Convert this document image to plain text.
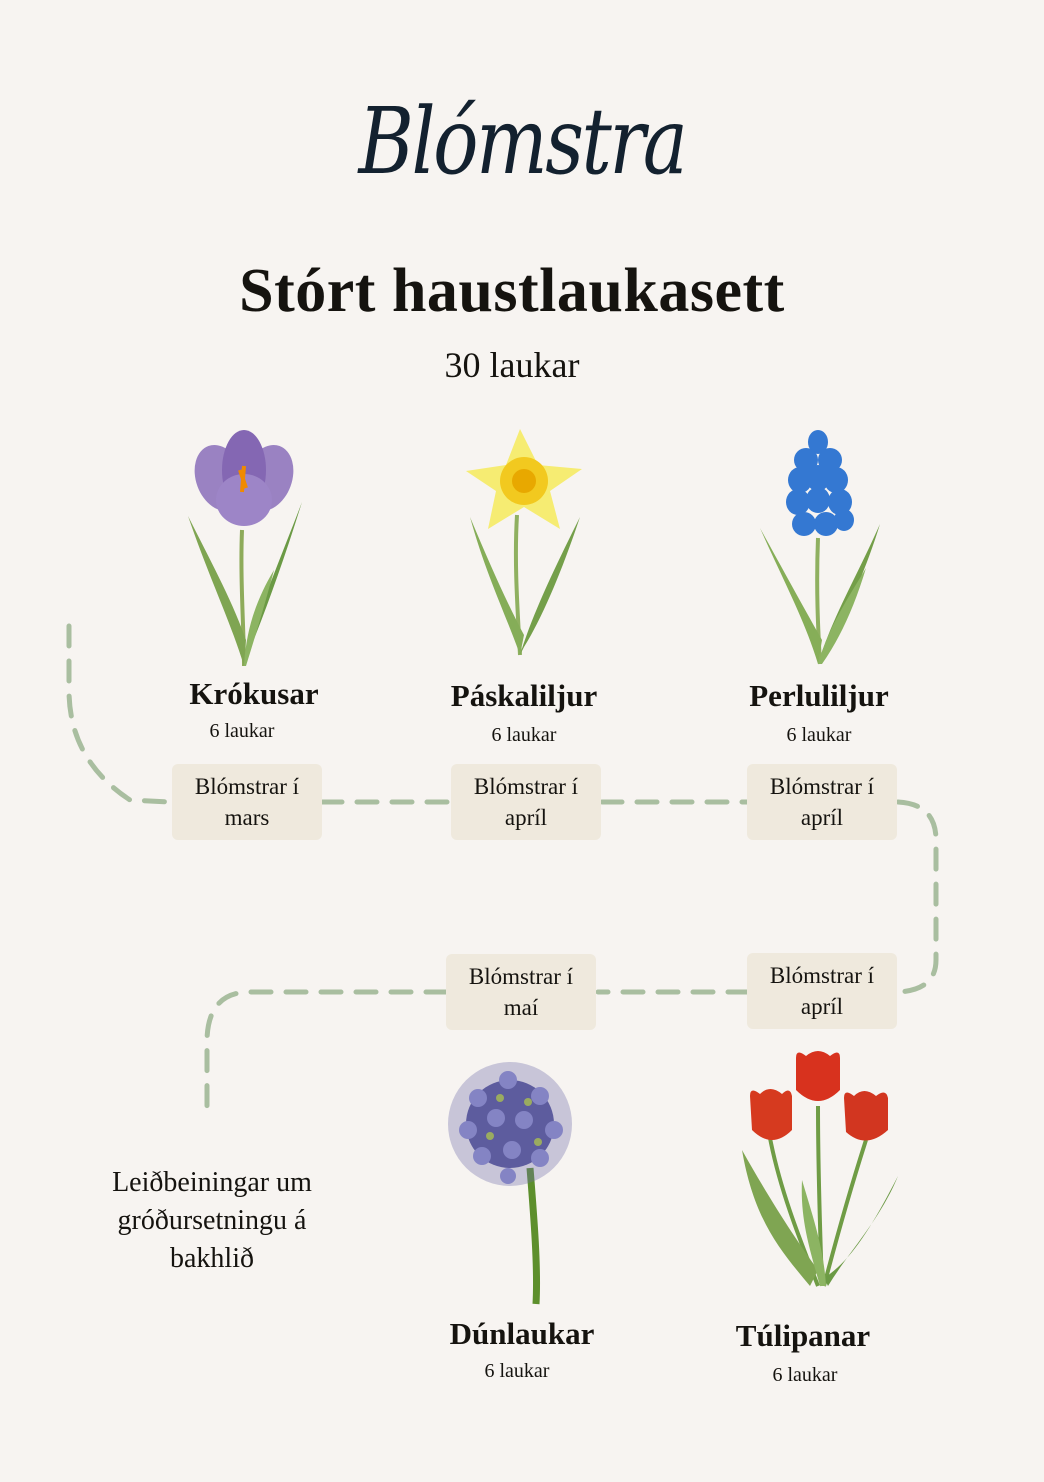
Blómstra
Stórt haustlaukasett
30 laukar
Krókusar
6 laukar
Páskaliljur
6 laukar
Perluliljur
6 laukar
Dúnlaukar
6 laukar
Túlipanar
6 laukar
Blómstrar í
mars
Blómstrar í
apríl
Blómstrar í
apríl
Blómstrar í
apríl
Blómstrar í
maí
Leiðbeiningar um gróðursetningu á bakhlið
